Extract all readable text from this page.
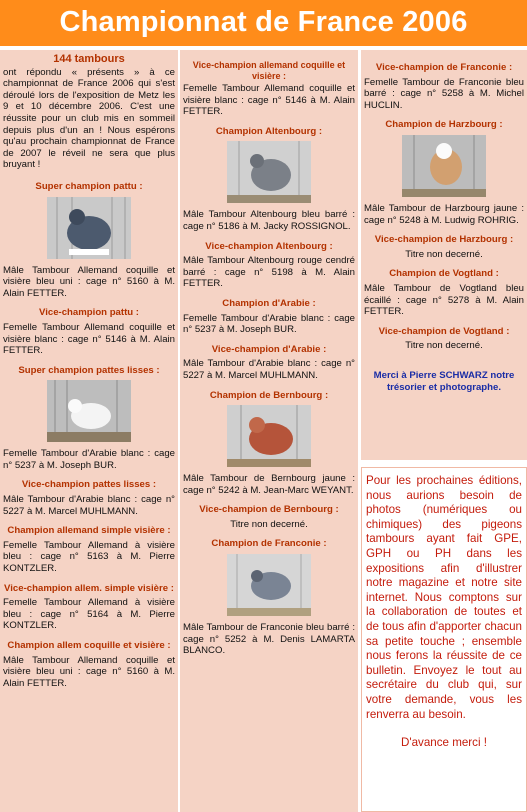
Championnat de France 2006
144 tambours
ont répondu « présents » à ce championnat de France 2006 qui s'est déroulé lors de l'exposition de Metz les 9 et 10 décembre 2006. C'est une réussite pour un club mis en sommeil depuis plus d'un an ! Nous espérons qu'au prochain championnat de France de 2007 le réveil ne sera que plus bruyant !
Super champion pattu :
Mâle Tambour Allemand coquille et visière bleu uni : cage n° 5160 à M. Alain FETTER.
Vice-champion pattu :
Femelle Tambour Allemand coquille et visière blanc : cage n° 5146 à M. Alain FETTER.
Super champion pattes lisses :
Femelle Tambour d'Arabie blanc : cage n° 5237 à M. Joseph BUR.
Vice-champion pattes lisses :
Mâle Tambour d'Arabie blanc : cage n° 5227 à M. Marcel MUHLMANN.
Champion allemand simple visière :
Femelle Tambour Allemand à visière bleu : cage n° 5163 à M. Pierre KONTZLER.
Vice-champion allem. simple visière :
Femelle Tambour Allemand à visière bleu : cage n° 5164 à M. Pierre KONTZLER.
Champion allem coquille et visière :
Mâle Tambour Allemand coquille et visière bleu uni : cage n° 5160 à M. Alain FETTER.
Vice-champion allemand coquille et visière :
Femelle Tambour Allemand coquille et visière blanc : cage n° 5146 à M. Alain FETTER.
Champion Altenbourg :
Mâle Tambour Altenbourg bleu barré : cage n° 5186 à M. Jacky ROSSIGNOL.
Vice-champion Altenbourg :
Mâle Tambour Altenbourg rouge cendré barré : cage n° 5198 à M. Alain FETTER.
Champion d'Arabie :
Femelle Tambour d'Arabie blanc : cage n° 5237 à M. Joseph BUR.
Vice-champion d'Arabie :
Mâle Tambour d'Arabie blanc : cage n° 5227 à M. Marcel MUHLMANN.
Champion de Bernbourg :
Mâle Tambour de Bernbourg jaune : cage n° 5242 à M. Jean-Marc WEYANT.
Vice-champion de Bernbourg :
Titre non decerné.
Champion de Franconie :
Mâle Tambour de Franconie bleu barré : cage n° 5252 à M. Denis LAMARTA BLANCO.
Vice-champion de Franconie :
Femelle Tambour de Franconie bleu barré : cage n° 5258 à M. Michel HUCLIN.
Champion de Harzbourg :
Mâle Tambour de Harzbourg jaune : cage n° 5248 à M. Ludwig ROHRIG.
Vice-champion de Harzbourg :
Titre non decerné.
Champion de Vogtland :
Mâle Tambour de Vogtland bleu écaillé : cage n° 5278 à M. Alain FETTER.
Vice-champion de Vogtland :
Titre non decerné.
Merci à Pierre SCHWARZ notre trésorier et photographe.
Pour les prochaines éditions, nous aurions besoin de photos (numériques ou chimiques) des pigeons tambours ayant fait GPE, GPH ou PH dans les expositions afin d'illustrer notre magazine et notre site internet. Nous comptons sur la collaboration de toutes et de tous afin d'apporter chacun sa petite touche ; ensemble nous ferons la réussite de ce bulletin. Envoyez le tout au secrétaire du club qui, sur votre demande, vous les renverra au besoin.
D'avance merci !
